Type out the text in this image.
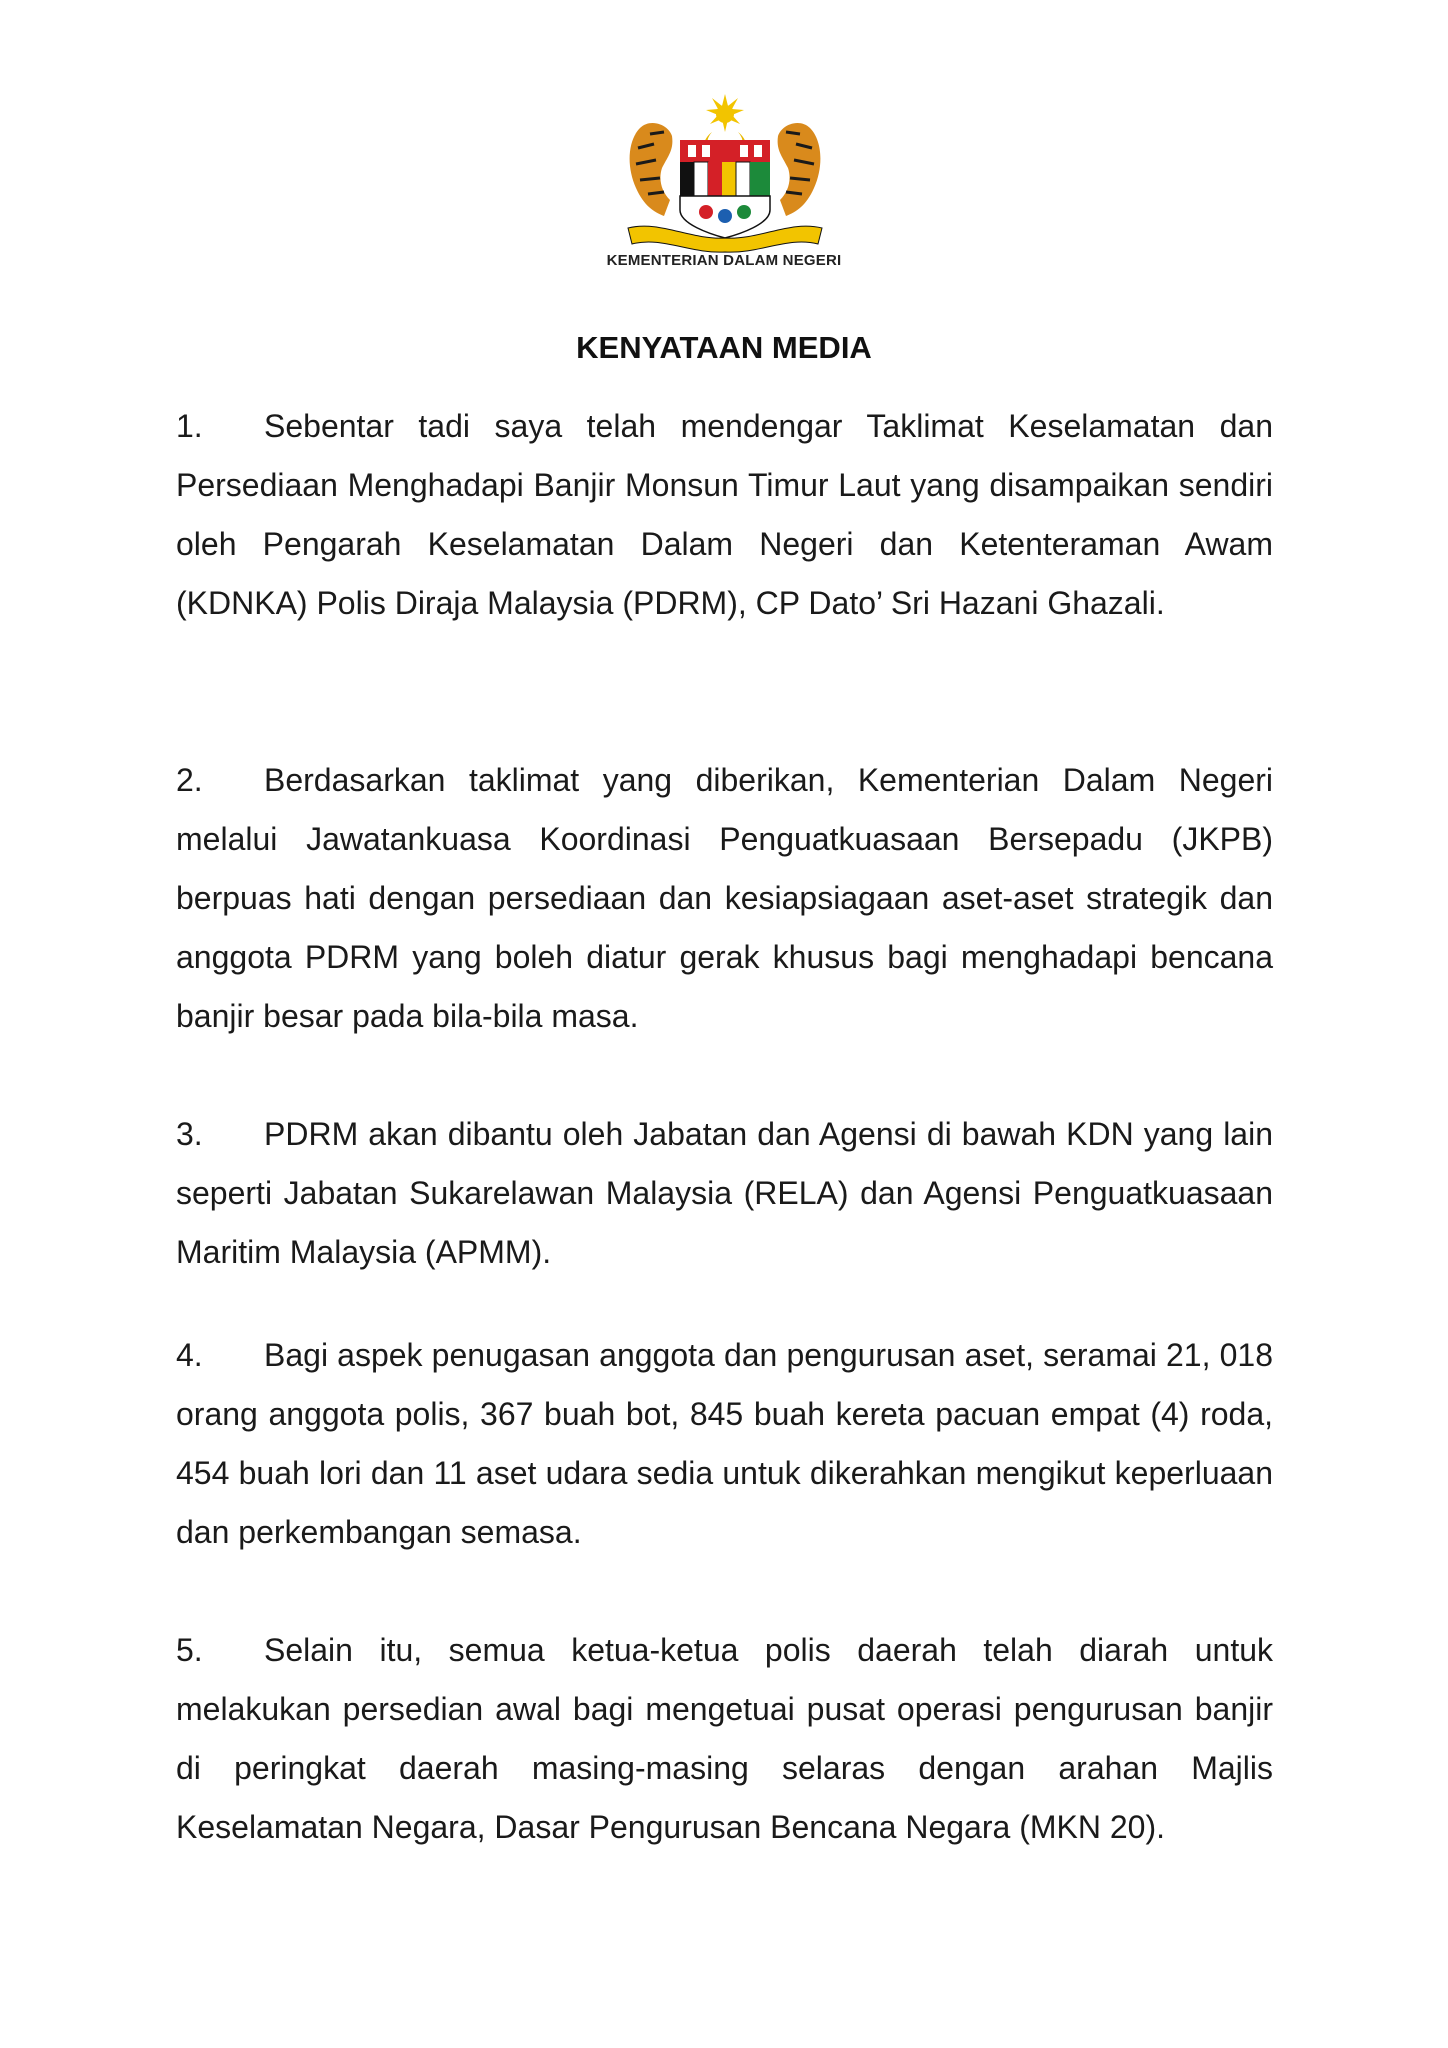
KEMENTERIAN DALAM NEGERI
KENYATAAN MEDIA
1. Sebentar tadi saya telah mendengar Taklimat Keselamatan dan Persediaan Menghadapi Banjir Monsun Timur Laut yang disampaikan sendiri oleh Pengarah Keselamatan Dalam Negeri dan Ketenteraman Awam (KDNKA) Polis Diraja Malaysia (PDRM), CP Dato’ Sri Hazani Ghazali.
2. Berdasarkan taklimat yang diberikan, Kementerian Dalam Negeri melalui Jawatankuasa Koordinasi Penguatkuasaan Bersepadu (JKPB) berpuas hati dengan persediaan dan kesiapsiagaan aset-aset strategik dan anggota PDRM yang boleh diatur gerak khusus bagi menghadapi bencana banjir besar pada bila-bila masa.
3. PDRM akan dibantu oleh Jabatan dan Agensi di bawah KDN yang lain seperti Jabatan Sukarelawan Malaysia (RELA) dan Agensi Penguatkuasaan Maritim Malaysia (APMM).
4. Bagi aspek penugasan anggota dan pengurusan aset, seramai 21, 018 orang anggota polis, 367 buah bot, 845 buah kereta pacuan empat (4) roda, 454 buah lori dan 11 aset udara sedia untuk dikerahkan mengikut keperluaan dan perkembangan semasa.
5. Selain itu, semua ketua-ketua polis daerah telah diarah untuk melakukan persedian awal bagi mengetuai pusat operasi pengurusan banjir di peringkat daerah masing-masing selaras dengan arahan Majlis Keselamatan Negara, Dasar Pengurusan Bencana Negara (MKN 20).
